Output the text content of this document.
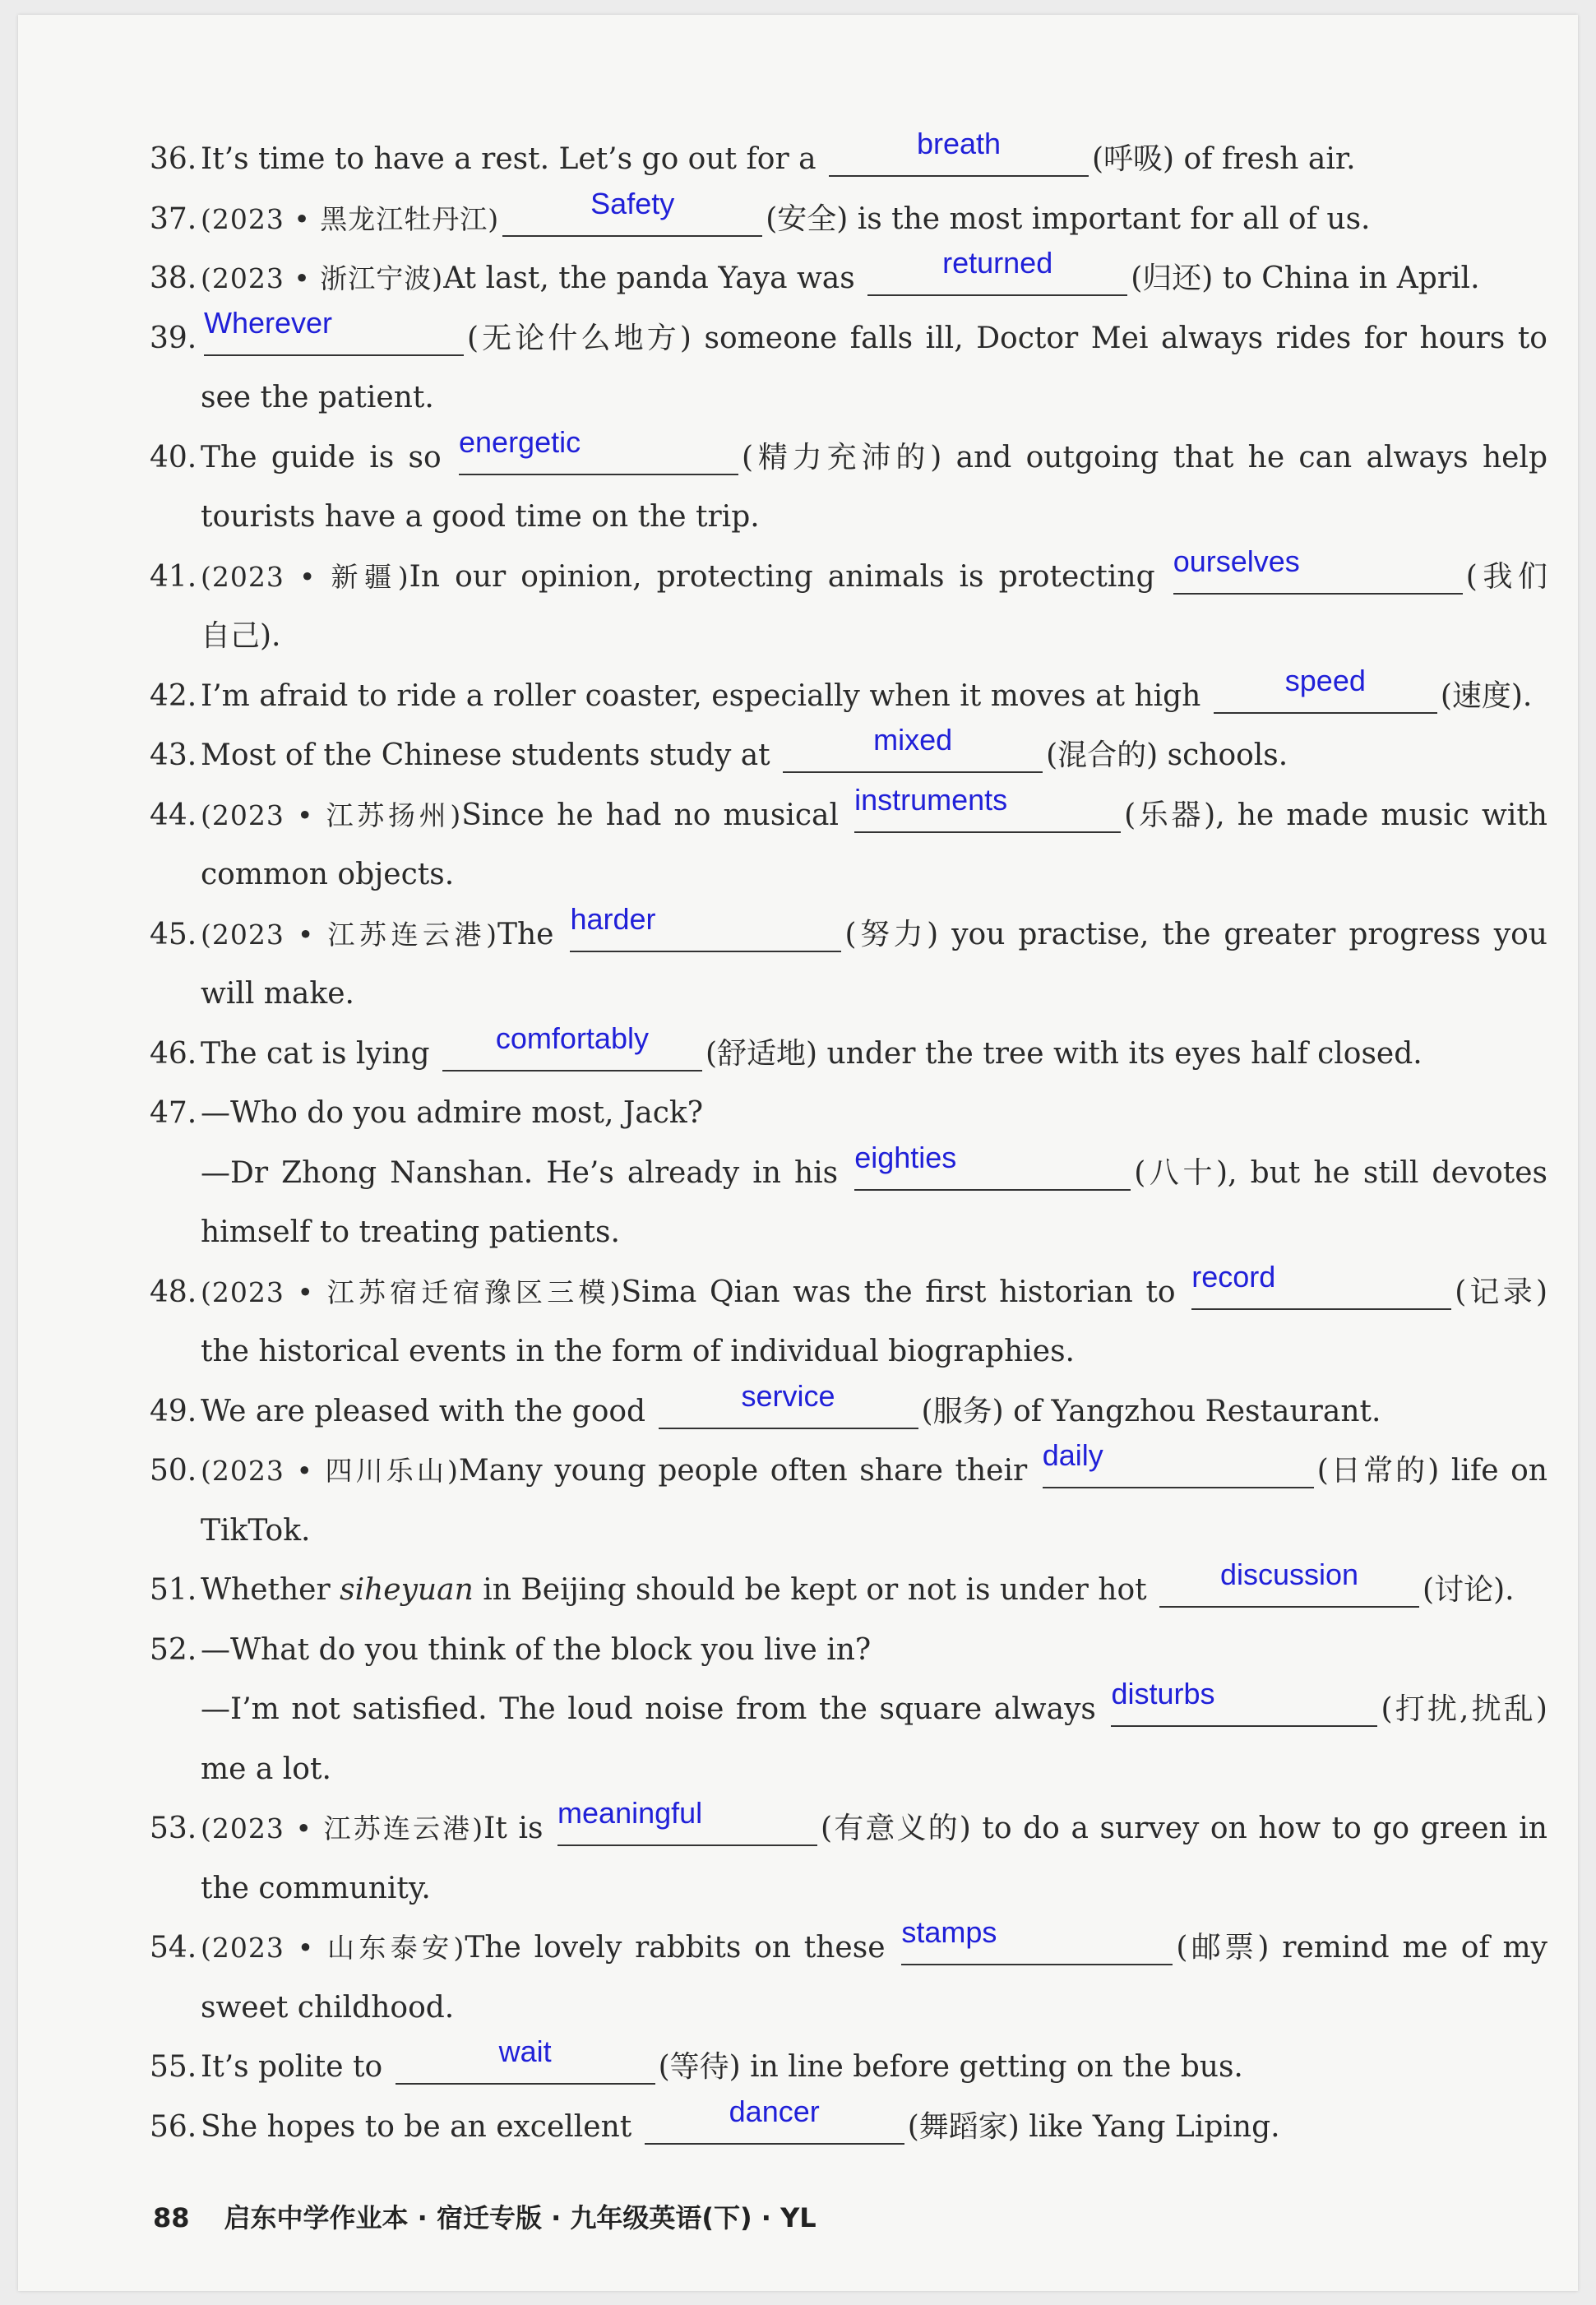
36. It’s time to have a rest. Let’s go out for a	breath	(呼吸) of fresh air.
37. (2023 • 黑龙江牡丹江)	Safety	(安全) is the most important for all of us.
38. (2023 • 浙江宁波)At last, the panda Yaya was	returned	(归还) to China in April.
39. Wherever	(无论什么地方) someone falls ill, Doctor Mei always rides for hours to
see the patient.
40. The guide is so energetic	(精力充沛的) and outgoing that he can always help
tourists have a good time on the trip.
41. (2023 • 新疆)In our opinion, protecting animals is protecting ourselves	(我们
自己).
42. I’m afraid to ride a roller coaster, especially when it moves at high	speed	(速度).
43. Most of the Chinese students study at	mixed	(混合的) schools.
44. (2023 • 江苏扬州)Since he had no musical instruments	(乐器), he made music with
common objects.
45. (2023 • 江苏连云港)The harder	(努力) you practise, the greater progress you
will make.
46. The cat is lying	comfortably	(舒适地) under the tree with its eyes half closed.
47. —Who do you admire most, Jack?
—Dr Zhong Nanshan. He’s already in his eighties	(八十), but he still devotes
himself to treating patients.
48. (2023 • 江苏宿迁宿豫区三模)Sima Qian was the first historian to record	(记录)
the historical events in the form of individual biographies.
49. We are pleased with the good	service	(服务) of Yangzhou Restaurant.
50. (2023 • 四川乐山)Many young people often share their daily	(日常的) life on
TikTok.
51. Whether siheyuan in Beijing should be kept or not is under hot	discussion	(讨论).
52. —What do you think of the block you live in?
—I’m not satisfied. The loud noise from the square always disturbs	(打扰,扰乱)
me a lot.
53. (2023 • 江苏连云港)It is meaningful	(有意义的) to do a survey on how to go green in
the community.
54. (2023 • 山东泰安)The lovely rabbits on these stamps	(邮票) remind me of my
sweet childhood.
55. It’s polite to	wait	(等待) in line before getting on the bus.
56. She hopes to be an excellent	dancer	(舞蹈家) like Yang Liping.
88 启东中学作业本 · 宿迁专版 · 九年级英语(下) · YL
